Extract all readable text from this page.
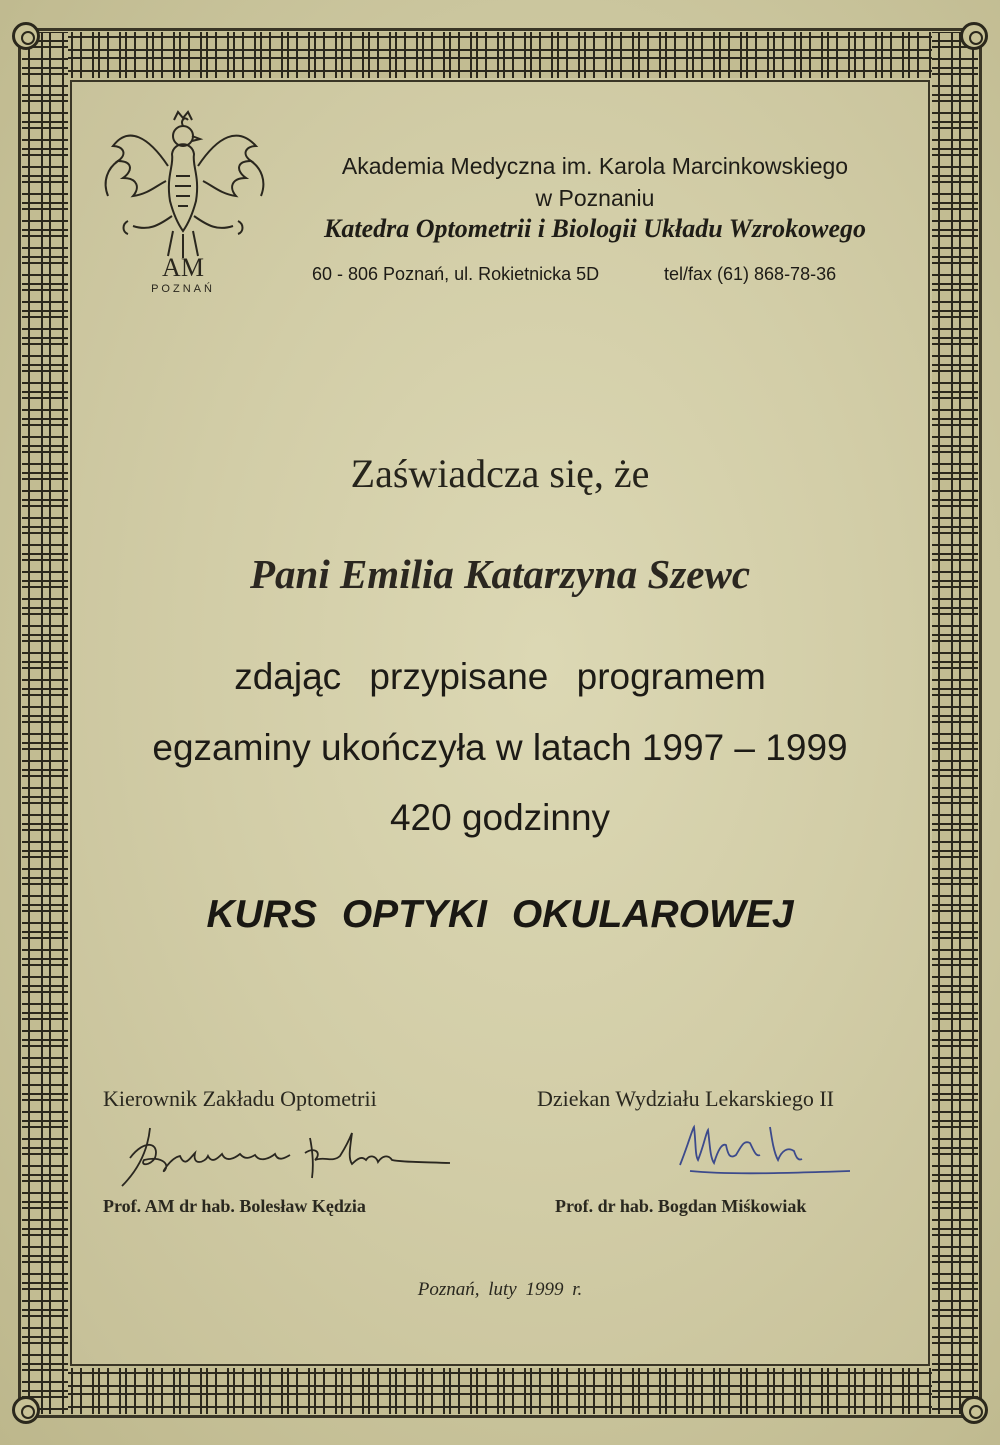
AM
POZNAŃ
Akademia Medyczna im. Karola Marcinkowskiego
w Poznaniu
Katedra Optometrii i Biologii Układu Wzrokowego
60 - 806 Poznań, ul. Rokietnicka 5D	tel/fax (61) 868-78-36
Zaświadcza się, że
Pani Emilia Katarzyna Szewc
zdając przypisane programem
egzaminy ukończyła w latach 1997 – 1999
420 godzinny
KURS OPTYKI OKULAROWEJ
Kierownik Zakładu Optometrii	Dziekan Wydziału Lekarskiego II
Prof. AM dr hab. Bolesław Kędzia	Prof. dr hab. Bogdan Miśkowiak
Poznań, luty 1999 r.
